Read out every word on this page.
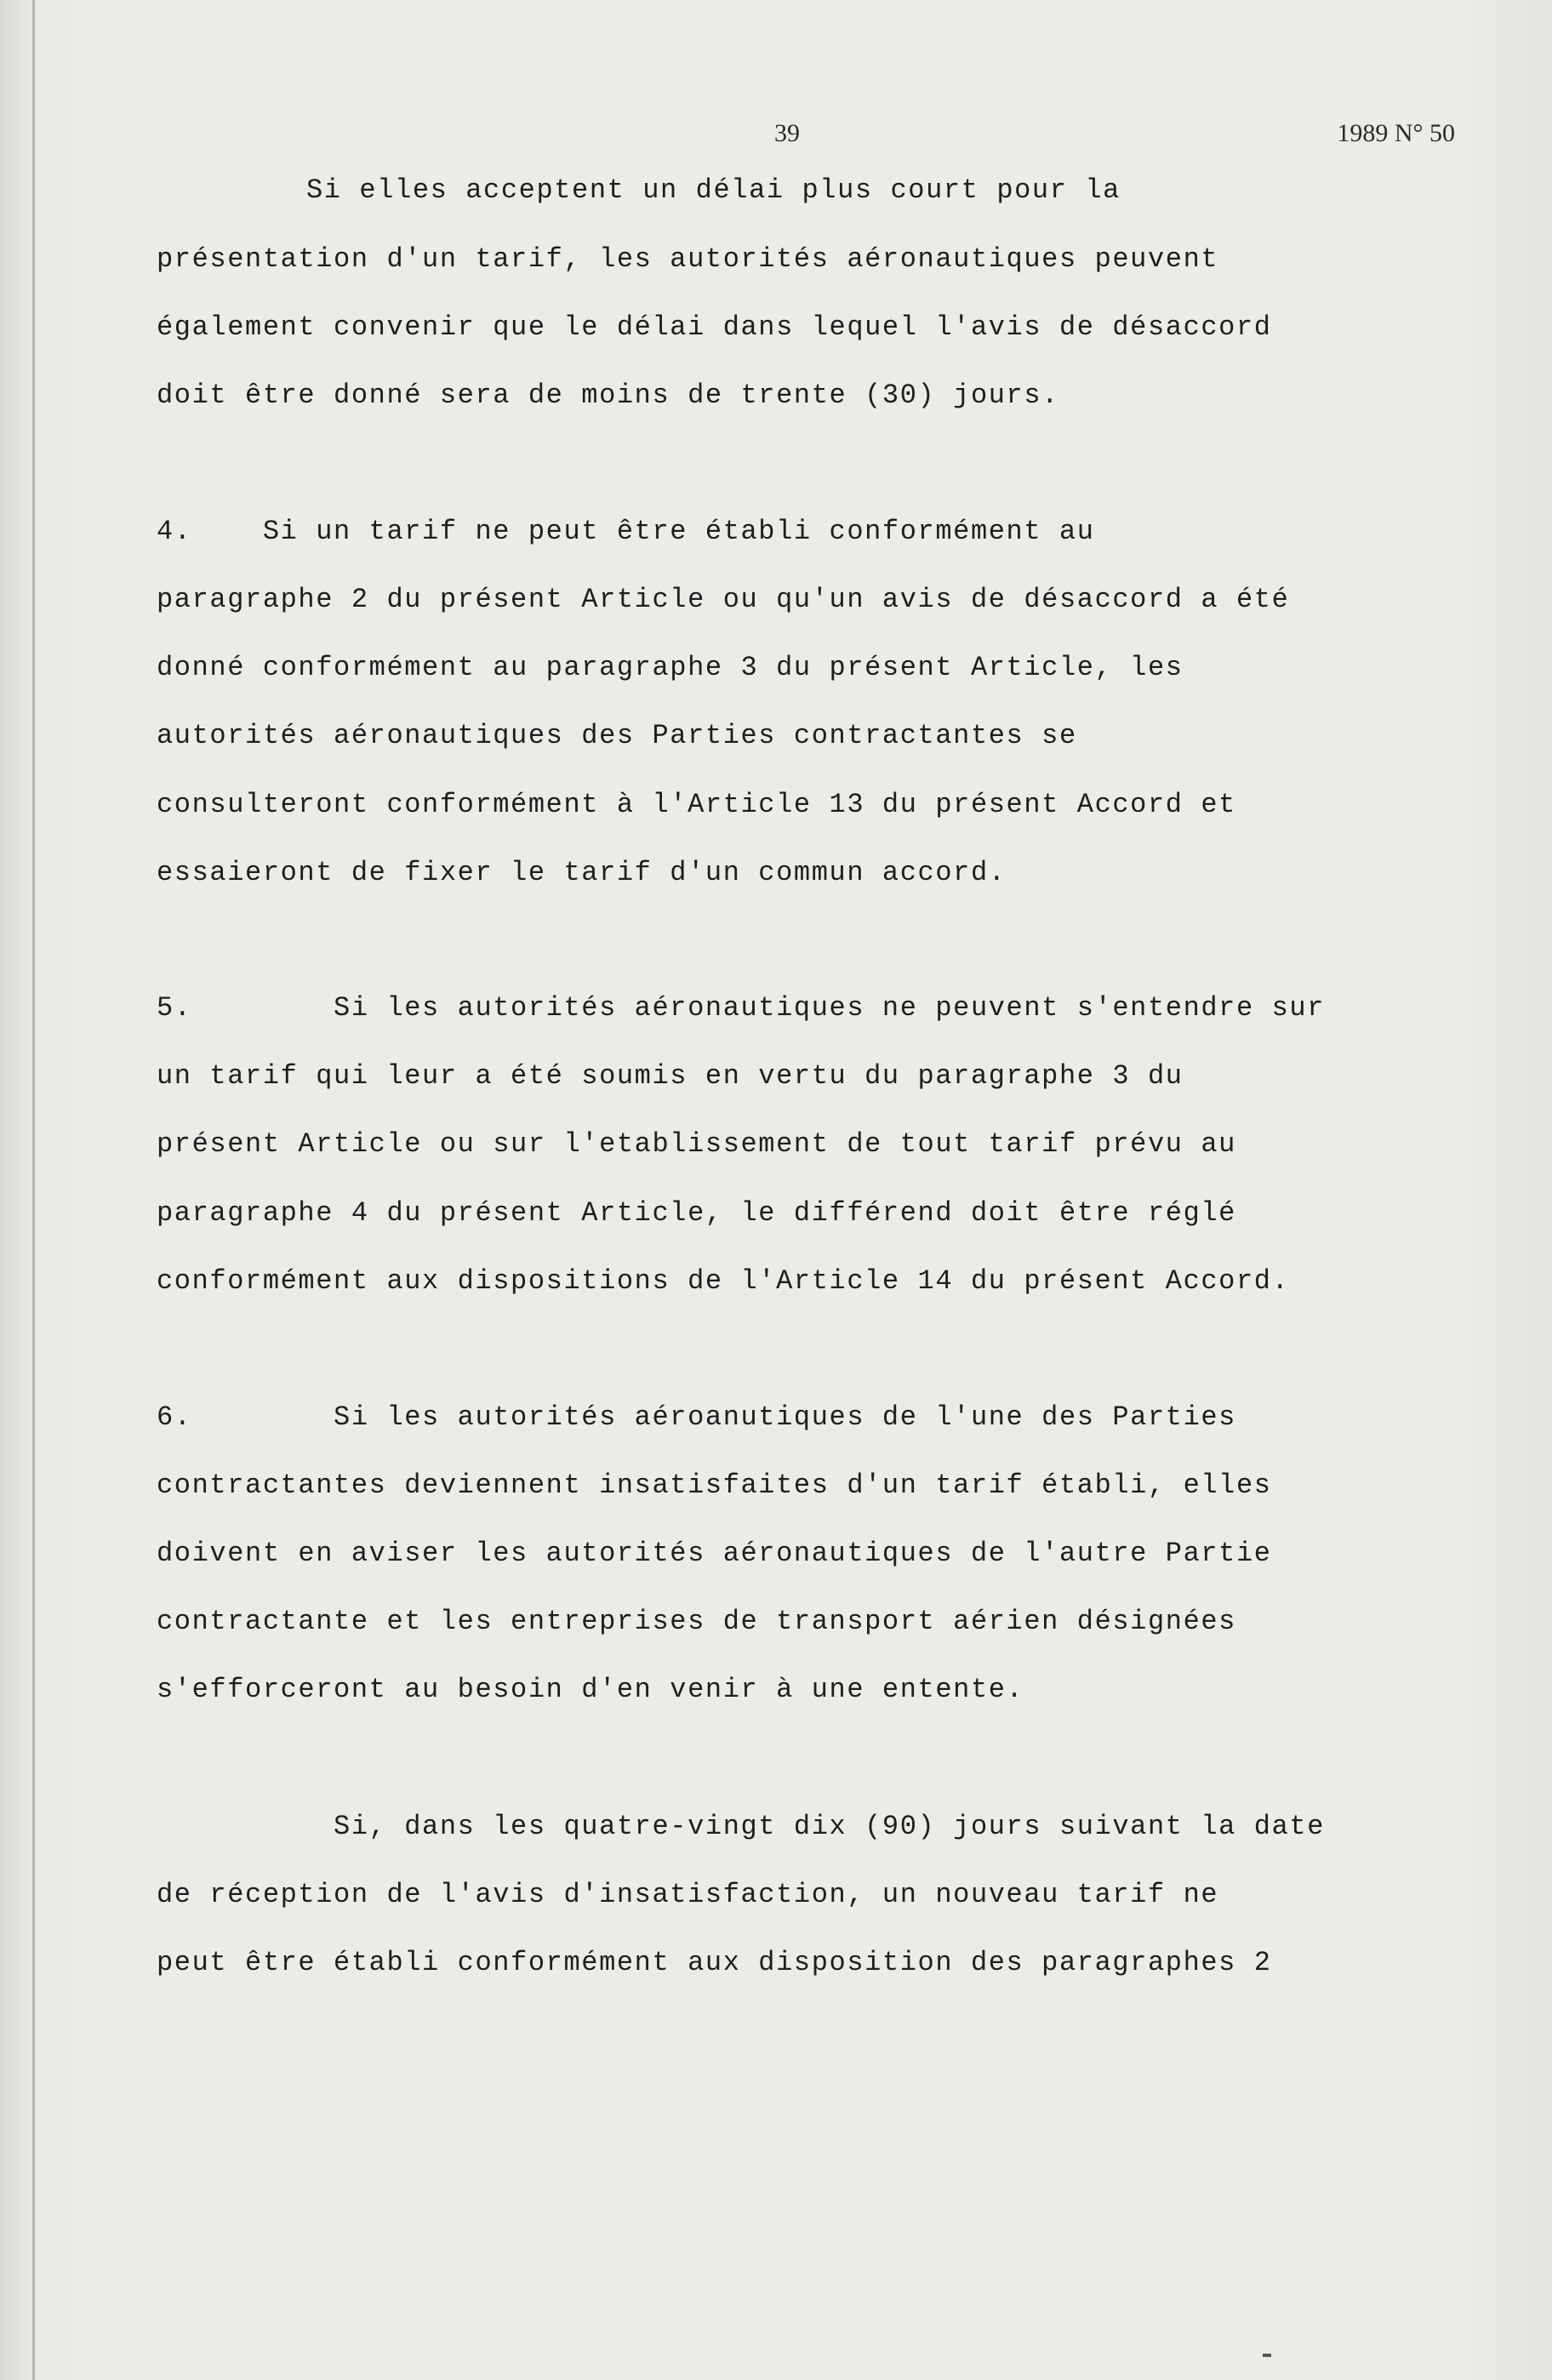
39	1989 N° 50
Si elles acceptent un délai plus court pour la
présentation d'un tarif, les autorités aéronautiques peuvent
également convenir que le délai dans lequel l'avis de désaccord
doit être donné sera de moins de trente (30) jours.
4.    Si un tarif ne peut être établi conformément au
paragraphe 2 du présent Article ou qu'un avis de désaccord a été
donné conformément au paragraphe 3 du présent Article, les
autorités aéronautiques des Parties contractantes se
consulteront conformément à l'Article 13 du présent Accord et
essaieront de fixer le tarif d'un commun accord.
5.        Si les autorités aéronautiques ne peuvent s'entendre sur
un tarif qui leur a été soumis en vertu du paragraphe 3 du
présent Article ou sur l'etablissement de tout tarif prévu au
paragraphe 4 du présent Article, le différend doit être réglé
conformément aux dispositions de l'Article 14 du présent Accord.
6.        Si les autorités aéroanutiques de l'une des Parties
contractantes deviennent insatisfaites d'un tarif établi, elles
doivent en aviser les autorités aéronautiques de l'autre Partie
contractante et les entreprises de transport aérien désignées
s'efforceront au besoin d'en venir à une entente.
Si, dans les quatre-vingt dix (90) jours suivant la date
de réception de l'avis d'insatisfaction, un nouveau tarif ne
peut être établi conformément aux disposition des paragraphes 2
